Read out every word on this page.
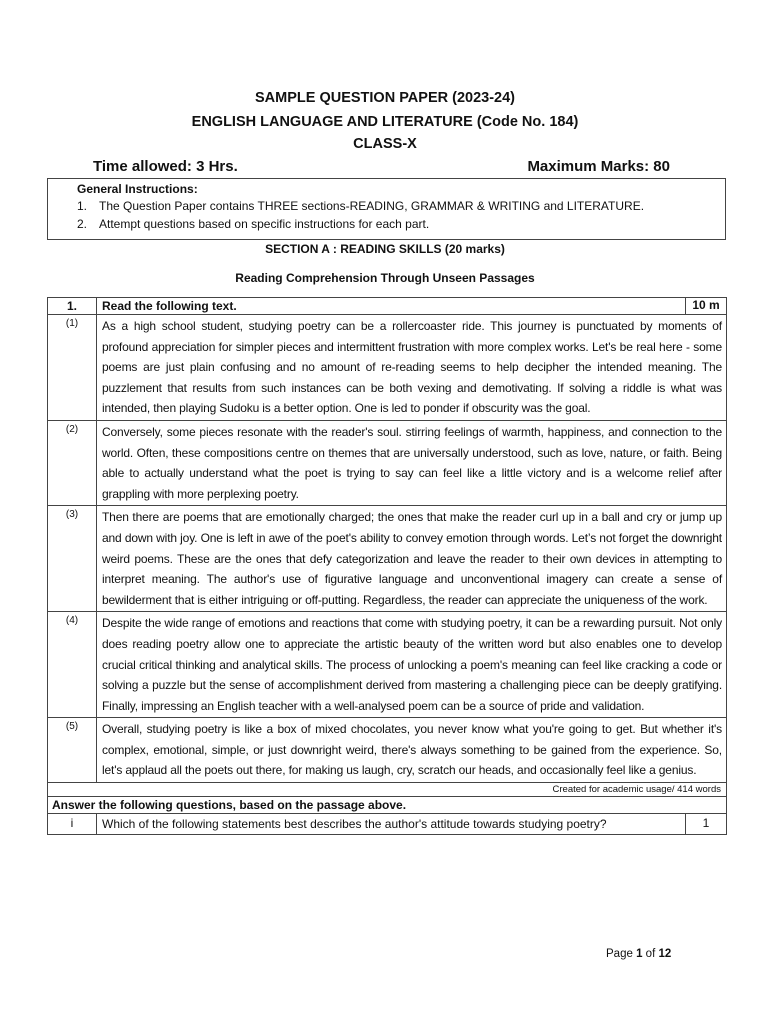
SAMPLE QUESTION PAPER (2023-24)
ENGLISH LANGUAGE AND LITERATURE (Code No. 184)
CLASS-X
Time allowed: 3 Hrs.	Maximum Marks: 80
General Instructions:
1. The Question Paper contains THREE sections-READING, GRAMMAR & WRITING and LITERATURE.
2. Attempt questions based on specific instructions for each part.
SECTION A : READING SKILLS (20 marks)
Reading Comprehension Through Unseen Passages
1.	Read the following text.	10 m
(1)	As a high school student, studying poetry can be a rollercoaster ride. This journey is punctuated by moments of profound appreciation for simpler pieces and intermittent frustration with more complex works. Let's be real here - some poems are just plain confusing and no amount of re-reading seems to help decipher the intended meaning. The puzzlement that results from such instances can be both vexing and demotivating. If solving a riddle is what was intended, then playing Sudoku is a better option. One is led to ponder if obscurity was the goal.	
(2)	Conversely, some pieces resonate with the reader's soul. stirring feelings of warmth, happiness, and connection to the world. Often, these compositions centre on themes that are universally understood, such as love, nature, or faith. Being able to actually understand what the poet is trying to say can feel like a little victory and is a welcome relief after grappling with more perplexing poetry.	
(3)	Then there are poems that are emotionally charged; the ones that make the reader curl up in a ball and cry or jump up and down with joy. One is left in awe of the poet's ability to convey emotion through words. Let’s not forget the downright weird poems. These are the ones that defy categorization and leave the reader to their own devices in attempting to interpret meaning. The author's use of figurative language and unconventional imagery can create a sense of bewilderment that is either intriguing or off-putting. Regardless, the reader can appreciate the uniqueness of the work.	
(4)	Despite the wide range of emotions and reactions that come with studying poetry, it can be a rewarding pursuit. Not only does reading poetry allow one to appreciate the artistic beauty of the written word but also enables one to develop crucial critical thinking and analytical skills. The process of unlocking a poem's meaning can feel like cracking a code or solving a puzzle but the sense of accomplishment derived from mastering a challenging piece can be deeply gratifying. Finally, impressing an English teacher with a well-analysed poem can be a source of pride and validation.	
(5)	Overall, studying poetry is like a box of mixed chocolates, you never know what you're going to get. But whether it's complex, emotional, simple, or just downright weird, there's always something to be gained from the experience. So, let's applaud all the poets out there, for making us laugh, cry, scratch our heads, and occasionally feel like a genius.	
Created for academic usage/ 414 words		
Answer the following questions, based on the passage above.		
i	Which of the following statements best describes the author's attitude towards studying poetry?	1
Page 1 of 12
